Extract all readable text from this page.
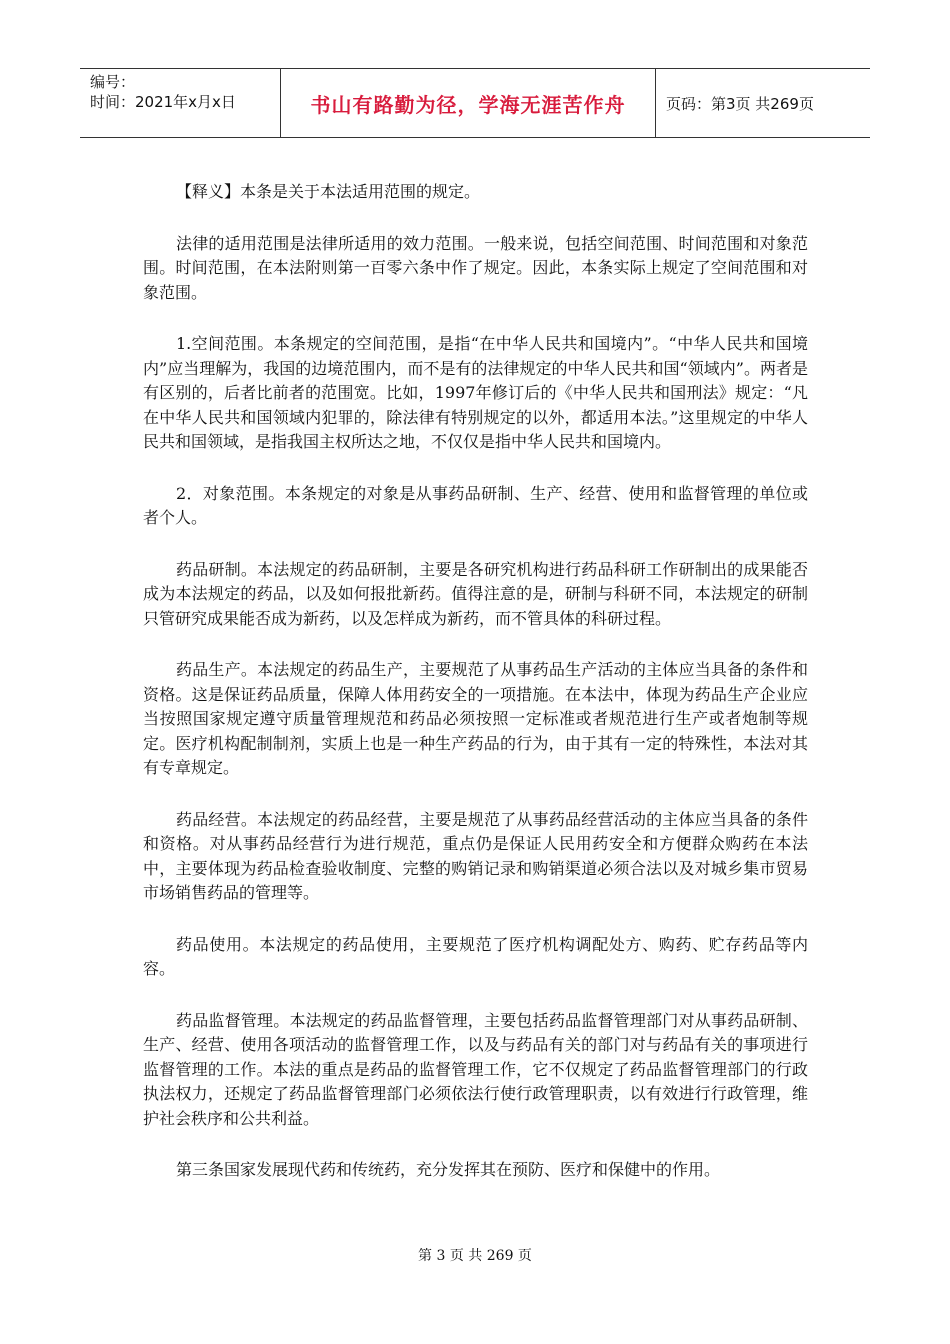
编号：
时间：2021年x月x日	书山有路勤为径，学海无涯苦作舟	页码：第3页 共269页

【释义】本条是关于本法适用范围的规定。

法律的适用范围是法律所适用的效力范围。一般来说，包括空间范围、时间范围和对象范围。时间范围，在本法附则第一百零六条中作了规定。因此，本条实际上规定了空间范围和对象范围。

1.空间范围。本条规定的空间范围，是指“在中华人民共和国境内”。“中华人民共和国境内”应当理解为，我国的边境范围内，而不是有的法律规定的中华人民共和国“领域内”。两者是有区别的，后者比前者的范围宽。比如，1997年修订后的《中华人民共和国刑法》规定：“凡在中华人民共和国领域内犯罪的，除法律有特别规定的以外，都适用本法。”这里规定的中华人民共和国领域，是指我国主权所达之地，不仅仅是指中华人民共和国境内。

2．对象范围。本条规定的对象是从事药品研制、生产、经营、使用和监督管理的单位或者个人。

药品研制。本法规定的药品研制，主要是各研究机构进行药品科研工作研制出的成果能否成为本法规定的药品，以及如何报批新药。值得注意的是，研制与科研不同，本法规定的研制只管研究成果能否成为新药，以及怎样成为新药，而不管具体的科研过程。

药品生产。本法规定的药品生产，主要规范了从事药品生产活动的主体应当具备的条件和资格。这是保证药品质量，保障人体用药安全的一项措施。在本法中，体现为药品生产企业应当按照国家规定遵守质量管理规范和药品必须按照一定标准或者规范进行生产或者炮制等规定。医疗机构配制制剂，实质上也是一种生产药品的行为，由于其有一定的特殊性，本法对其有专章规定。

药品经营。本法规定的药品经营，主要是规范了从事药品经营活动的主体应当具备的条件和资格。对从事药品经营行为进行规范，重点仍是保证人民用药安全和方便群众购药在本法中，主要体现为药品检查验收制度、完整的购销记录和购销渠道必须合法以及对城乡集市贸易市场销售药品的管理等。

药品使用。本法规定的药品使用，主要规范了医疗机构调配处方、购药、贮存药品等内容。

药品监督管理。本法规定的药品监督管理，主要包括药品监督管理部门对从事药品研制、生产、经营、使用各项活动的监督管理工作，以及与药品有关的部门对与药品有关的事项进行监督管理的工作。本法的重点是药品的监督管理工作，它不仅规定了药品监督管理部门的行政执法权力，还规定了药品监督管理部门必须依法行使行政管理职责，以有效进行行政管理，维护社会秩序和公共利益。

第三条国家发展现代药和传统药，充分发挥其在预防、医疗和保健中的作用。

第 3 页 共 269 页
